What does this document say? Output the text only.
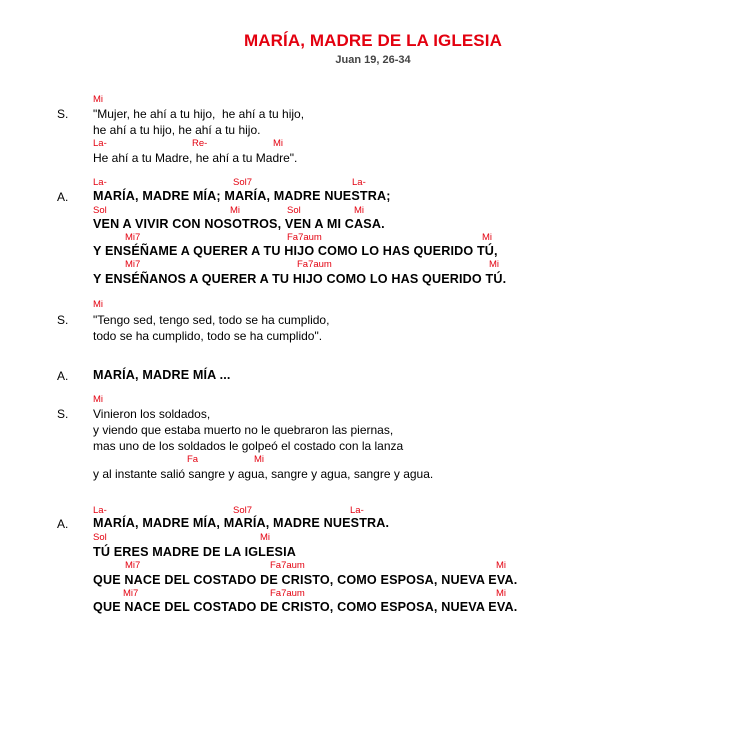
MARÍA, MADRE DE LA IGLESIA
Juan 19, 26-34
S.
Mi
"Mujer, he ahí a tu hijo,  he ahí a tu hijo,
he ahí a tu hijo, he ahí a tu hijo.
La-	Re-	Mi
He ahí a tu Madre, he ahí a tu Madre".
A.
La-	Sol7	La-
MARÍA, MADRE MÍA; MARÍA, MADRE NUESTRA;
Sol	Mi	Sol	Mi
VEN A VIVIR CON NOSOTROS, VEN A MI CASA.
Mi7	Fa7aum	Mi
Y ENSÉÑAME A QUERER A TU HIJO COMO LO HAS QUERIDO TÚ,
Mi7	Fa7aum	Mi
Y ENSÉÑANOS A QUERER A TU HIJO COMO LO HAS QUERIDO TÚ.
S.
Mi
"Tengo sed, tengo sed, todo se ha cumplido,
todo se ha cumplido, todo se ha cumplido".
A. MARÍA, MADRE MÍA ...
S.
Mi
Vinieron los soldados,
y viendo que estaba muerto no le quebraron las piernas,
mas uno de los soldados le golpeó el costado con la lanza
Fa	Mi
y al instante salió sangre y agua, sangre y agua, sangre y agua.
A.
La-	Sol7	La-
MARÍA, MADRE MÍA, MARÍA, MADRE NUESTRA.
Sol	Mi
TÚ ERES MADRE DE LA IGLESIA
Mi7	Fa7aum	Mi
QUE NACE DEL COSTADO DE CRISTO, COMO ESPOSA, NUEVA EVA.
Mi7	Fa7aum	Mi
QUE NACE DEL COSTADO DE CRISTO, COMO ESPOSA, NUEVA EVA.
